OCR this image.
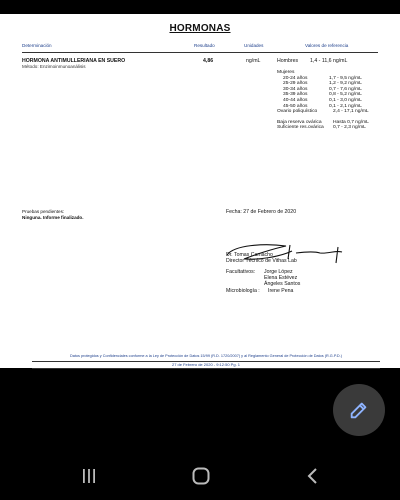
HORMONAS
Determinación	Resultado	Unidades	Valores de referencia
HORMONA ANTIMULLERIANA EN SUERO
Método: Enzimoinmunoanálisis
4,86	ng/mL	Hombres 1,4 - 11,6 ng/mL
Mujeres
20-24 años	1,7 - 9,5 ng/mL
25-29 años	1,2 - 9,2 ng/mL
30-34 años	0,7 - 7,6 ng/mL
35-39 años	0,8 - 5,2 ng/mL
40-44 años	0,1 - 3,0 ng/mL
45-50 años	0,1 - 2,1 ng/mL
Ovario poliquístico	2,4 - 17,1 ng/mL
Baja reserva ovárica	Hasta 0,7 ng/mL
Suficiente res.ovárica	0,7 - 2,3 ng/mL
Pruebas pendientes:
Ninguna. Informe finalizado.
Fecha: 27 de Febrero de 2020
Dr. Tomas Camacho
Director Técnico de Vithas Lab
Facultativos: Jorge López
Elena Estévez
Ángeles Santos
Microbiología : Irene Pena
Datos protegidos y Confidenciales conforme a la Ley de Protección de Datos 15/99 (R.D. 1720/2007) y al Reglamento General de Protección de Datos (R.G.P.D.)
27 de Febrero de 2020 - 9:12:50 Pg. 1
